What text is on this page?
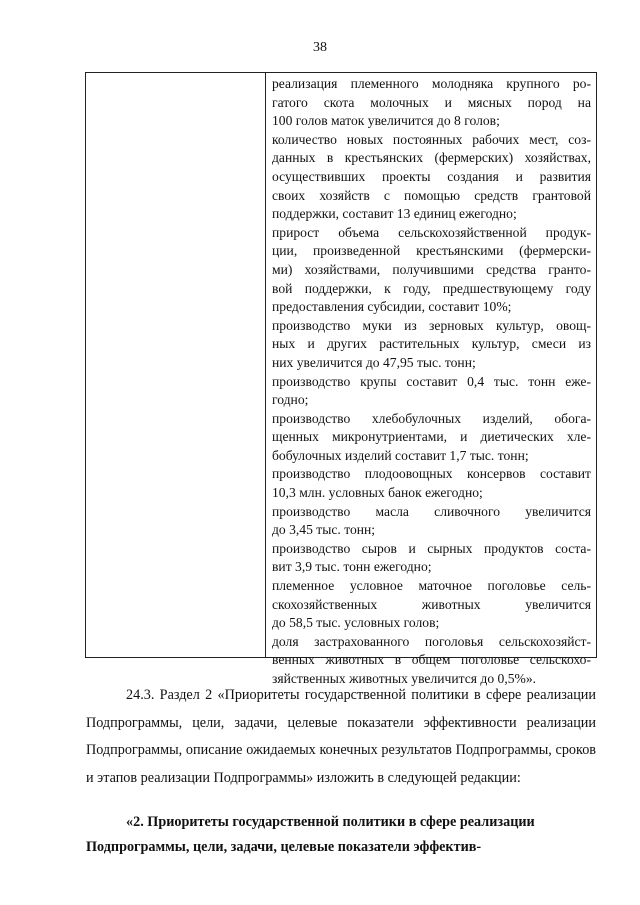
38
реализация племенного молодняка крупного ро-
гатого скота молочных и мясных пород на
100 голов маток увеличится до 8 голов;
количество новых постоянных рабочих мест, соз-
данных в крестьянских (фермерских) хозяйствах,
осуществивших проекты создания и развития
своих хозяйств с помощью средств грантовой
поддержки, составит 13 единиц ежегодно;
прирост объема сельскохозяйственной продук-
ции, произведенной крестьянскими (фермерски-
ми) хозяйствами, получившими средства гранто-
вой поддержки, к году, предшествующему году
предоставления субсидии, составит 10%;
производство муки из зерновых культур, овощ-
ных и других растительных культур, смеси из
них увеличится до 47,95 тыс. тонн;
производство крупы составит 0,4 тыс. тонн еже-
годно;
производство хлебобулочных изделий, обога-
щенных микронутриентами, и диетических хле-
бобулочных изделий составит 1,7 тыс. тонн;
производство плодоовощных консервов составит
10,3 млн. условных банок ежегодно;
производство масла сливочного увеличится
до 3,45 тыс. тонн;
производство сыров и сырных продуктов соста-
вит 3,9 тыс. тонн ежегодно;
племенное условное маточное поголовье сель-
скохозяйственных животных увеличится
до 58,5 тыс. условных голов;
доля застрахованного поголовья сельскохозяйст-
венных животных в общем поголовье сельскохо-
зяйственных животных увеличится до 0,5%».
24.3. Раздел 2 «Приоритеты государственной политики в сфере реализации Подпрограммы, цели, задачи, целевые показатели эффективности реализации Подпрограммы, описание ожидаемых конечных результатов Подпрограммы, сроков и этапов реализации Подпрограммы» изложить в следующей редакции:
«2. Приоритеты государственной политики в сфере реализации
Подпрограммы, цели, задачи, целевые показатели эффектив-
